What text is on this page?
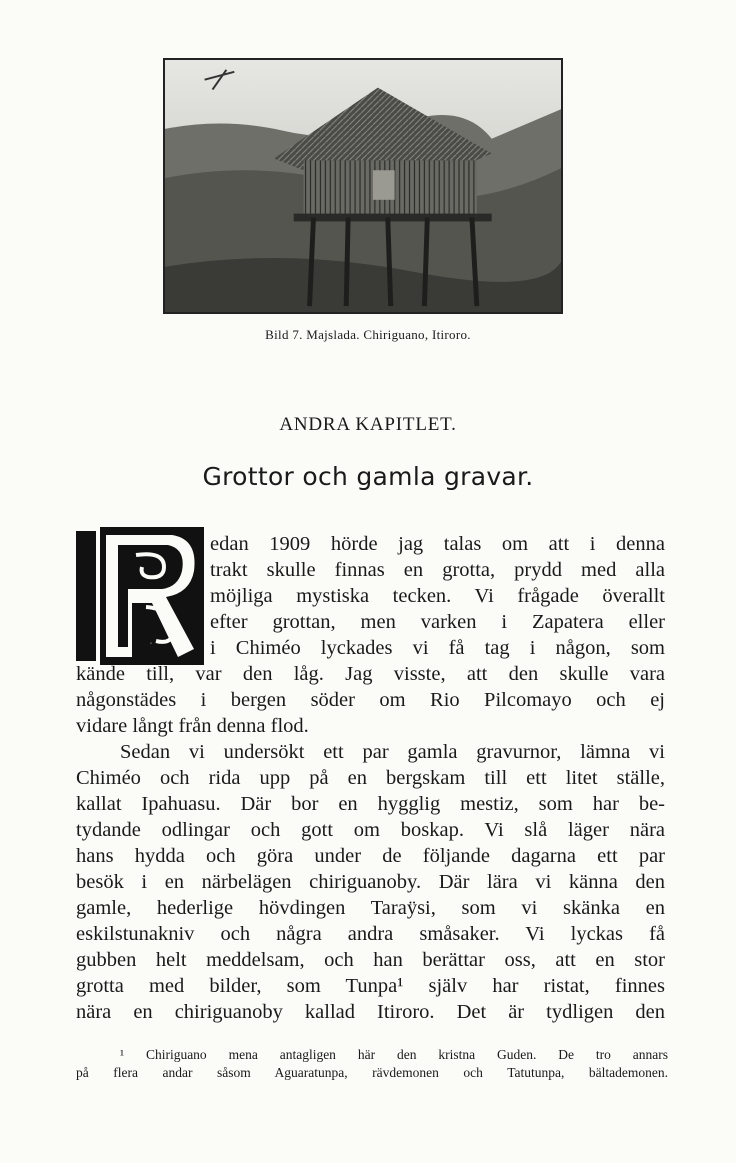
Bild 7. Majslada. Chiriguano, Itiroro.
ANDRA KAPITLET.
Grottor och gamla gravar.
R
edan 1909 hörde jag talas om att i denna
trakt skulle finnas en grotta, prydd med alla
möjliga mystiska tecken. Vi frågade överallt
efter grottan, men varken i Zapatera eller
i Chiméo lyckades vi få tag i någon, som
kände till, var den låg. Jag visste, att den skulle vara
någonstädes i bergen söder om Rio Pilcomayo och ej
vidare långt från denna flod.
Sedan vi undersökt ett par gamla gravurnor, lämna vi
Chiméo och rida upp på en bergskam till ett litet ställe,
kallat Ipahuasu. Där bor en hygglig mestiz, som har be-
tydande odlingar och gott om boskap. Vi slå läger nära
hans hydda och göra under de följande dagarna ett par
besök i en närbelägen chiriguanoby. Där lära vi känna den
gamle, hederlige hövdingen Taraÿsi, som vi skänka en
eskilstunakniv och några andra småsaker. Vi lyckas få
gubben helt meddelsam, och han berättar oss, att en stor
grotta med bilder, som Tunpa¹ själv har ristat, finnes
nära en chiriguanoby kallad Itiroro. Det är tydligen den
¹ Chiriguano mena antagligen här den kristna Guden. De tro annars
på flera andar såsom Aguaratunpa, rävdemonen och Tatutunpa, bältademonen.
